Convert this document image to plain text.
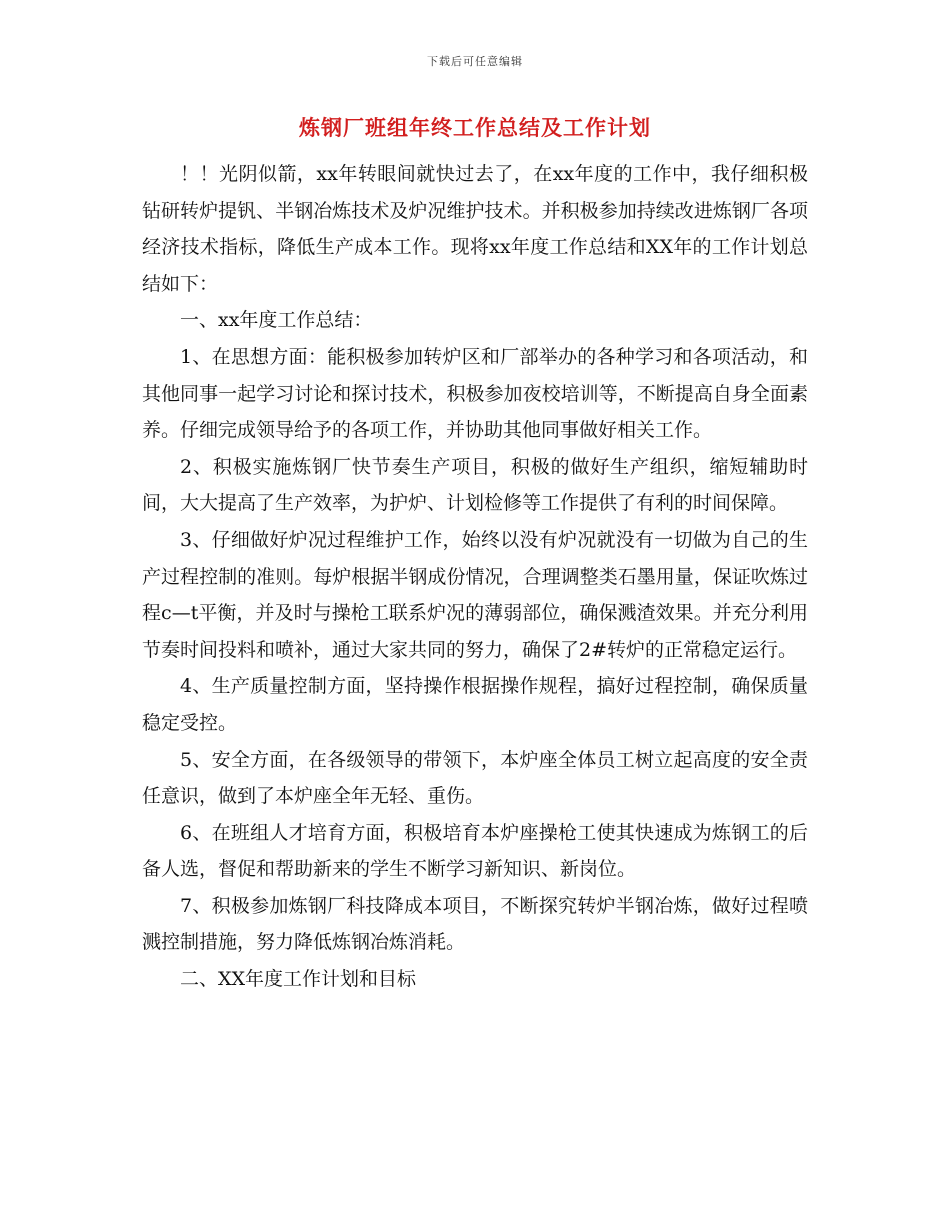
下载后可任意编辑
炼钢厂班组年终工作总结及工作计划

！！光阴似箭，xx年转眼间就快过去了，在xx年度的工作中，我仔细积极钻研转炉提钒、半钢冶炼技术及炉况维护技术。并积极参加持续改进炼钢厂各项经济技术指标，降低生产成本工作。现将xx年度工作总结和XX年的工作计划总结如下：

一、xx年度工作总结：

1、在思想方面：能积极参加转炉区和厂部举办的各种学习和各项活动，和其他同事一起学习讨论和探讨技术，积极参加夜校培训等，不断提高自身全面素养。仔细完成领导给予的各项工作，并协助其他同事做好相关工作。

2、积极实施炼钢厂快节奏生产项目，积极的做好生产组织，缩短辅助时间，大大提高了生产效率，为护炉、计划检修等工作提供了有利的时间保障。

3、仔细做好炉况过程维护工作，始终以没有炉况就没有一切做为自己的生产过程控制的准则。每炉根据半钢成份情况，合理调整类石墨用量，保证吹炼过程c—t平衡，并及时与操枪工联系炉况的薄弱部位，确保溅渣效果。并充分利用节奏时间投料和喷补，通过大家共同的努力，确保了2#转炉的正常稳定运行。

4、生产质量控制方面，坚持操作根据操作规程，搞好过程控制，确保质量稳定受控。

5、安全方面，在各级领导的带领下，本炉座全体员工树立起高度的安全责任意识，做到了本炉座全年无轻、重伤。

6、在班组人才培育方面，积极培育本炉座操枪工使其快速成为炼钢工的后备人选，督促和帮助新来的学生不断学习新知识、新岗位。

7、积极参加炼钢厂科技降成本项目，不断探究转炉半钢冶炼，做好过程喷溅控制措施，努力降低炼钢冶炼消耗。

二、XX年度工作计划和目标
